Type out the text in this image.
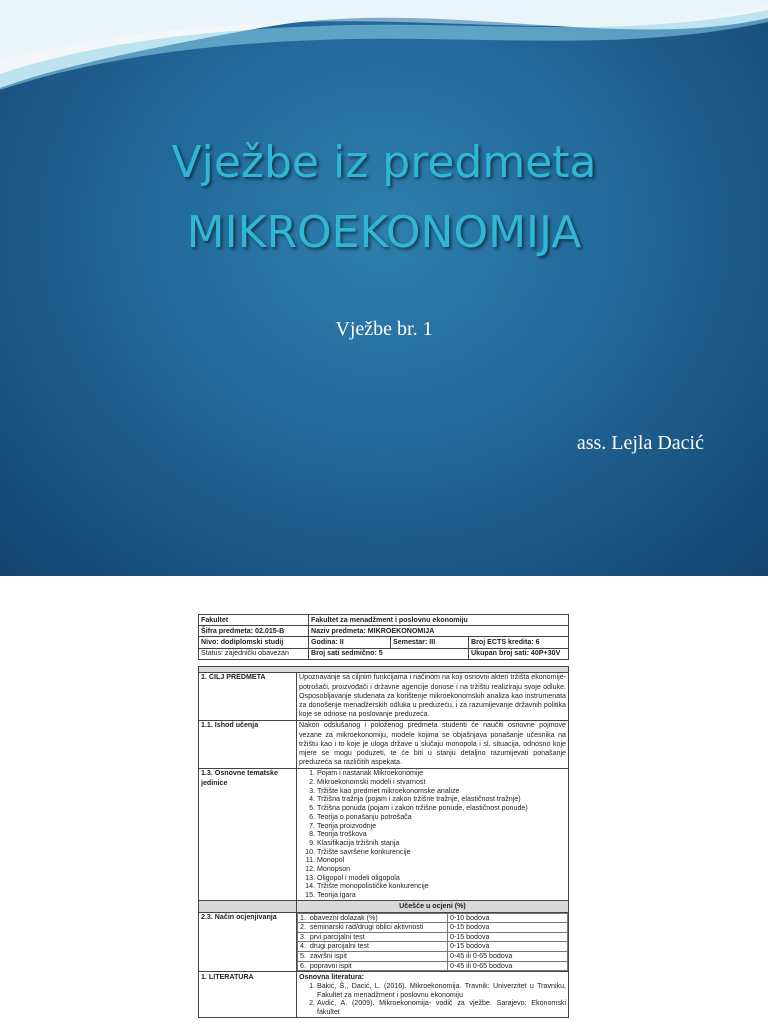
Vježbe iz predmeta
MIKROEKONOMIJA
Vježbe br. 1
ass. Lejla Dacić
Fakultet	Fakultet za menadžment i poslovnu ekonomiju		
Šifra predmeta: 02.015-B	Naziv predmeta: MIKROEKONOMIJA		
Nivo: dodiplomski studij	Godina: II	Semestar: III	Broj ECTS kredita: 6
Status: zajednički obavezan	Broj sati sedmično: 5		Ukupan broj sati: 40P+30V

1. CILJ PREDMETA	Upoznavanje sa ciljnim funkcijama i načinom na koji osnovni akteri tržišta ekonomije-potrošači, proizvođači i državne agencije donose i na tržištu realiziraju svoje odluke. Osposobljavanje studenata za korištenje mikroekonomskih analiza kao instrumenata za donošenje menadžerskih odluka u preduzeću, i za razumijevanje državnih politika koje se odnose na poslovanje preduzeća.
1.1. Ishod učenja	Nakon odslušanog i položenog predmeta studenti će naučiti osnovne pojmove vezane za mikroekonomiju, modele kojima se objašnjava ponašanje učesnika na tržištu kao i to koje je uloga države u slučaju monopola i sl. situacija, odnosno koje mjere se mogu poduzeti, te će biti u stanju detaljno razumijevati ponašanje preduzeća sa različitih aspekata.
1.3. Osnovne tematske jedinice	
1. Pojam i nastanak Mikroekonomije
2. Mikroekonomski modeli i stvarnost
3. Tržište kao predmet mikroekonomske analize
4. Tržišna tražnja (pojam i zakon tržišne tražnje, elastičnost tražnje)
5. Tržišna ponuda (pojam i zakon tržišne ponude, elastičnost ponude)
6. Teorija o ponašanju potrošača
7. Teorija proizvodnje
8. Teorija troškova
9. Klasifikacija tržišnih stanja
10. Tržište savršene konkurencije
11. Monopol
12. Monopson
13. Oligopol i modeli oligopola
14. Tržište monopolističke konkurencije
15. Teorija igara

	Učešće u ocjeni (%)
2.3. Način ocjenjivanja		1.  obavezni dolazak (%)	0-10 bodova
2.  seminarski rad/drugi oblici aktivnosti	0-15 bodova
3.  prvi parcijalni test	0-15 bodova
4.  drugi parcijalni test	0-15 bodova
5.  završni ispit	0-45 ili 0-65 bodova
6.  popravni ispit	0-45 ili 0-65 bodova

1. LITERATURA	Osnovna literatura:
1. Bakić, Š., Dacić, L. (2016). Mikroekonomija. Travnik: Univerzitet u Travniku, Fakultet za menadžment i poslovnu ekonomiju
2. Avdić, A. (2009). Mikroekonomija- vodič za vježbe. Sarajevo: Ekonomski fakultet
